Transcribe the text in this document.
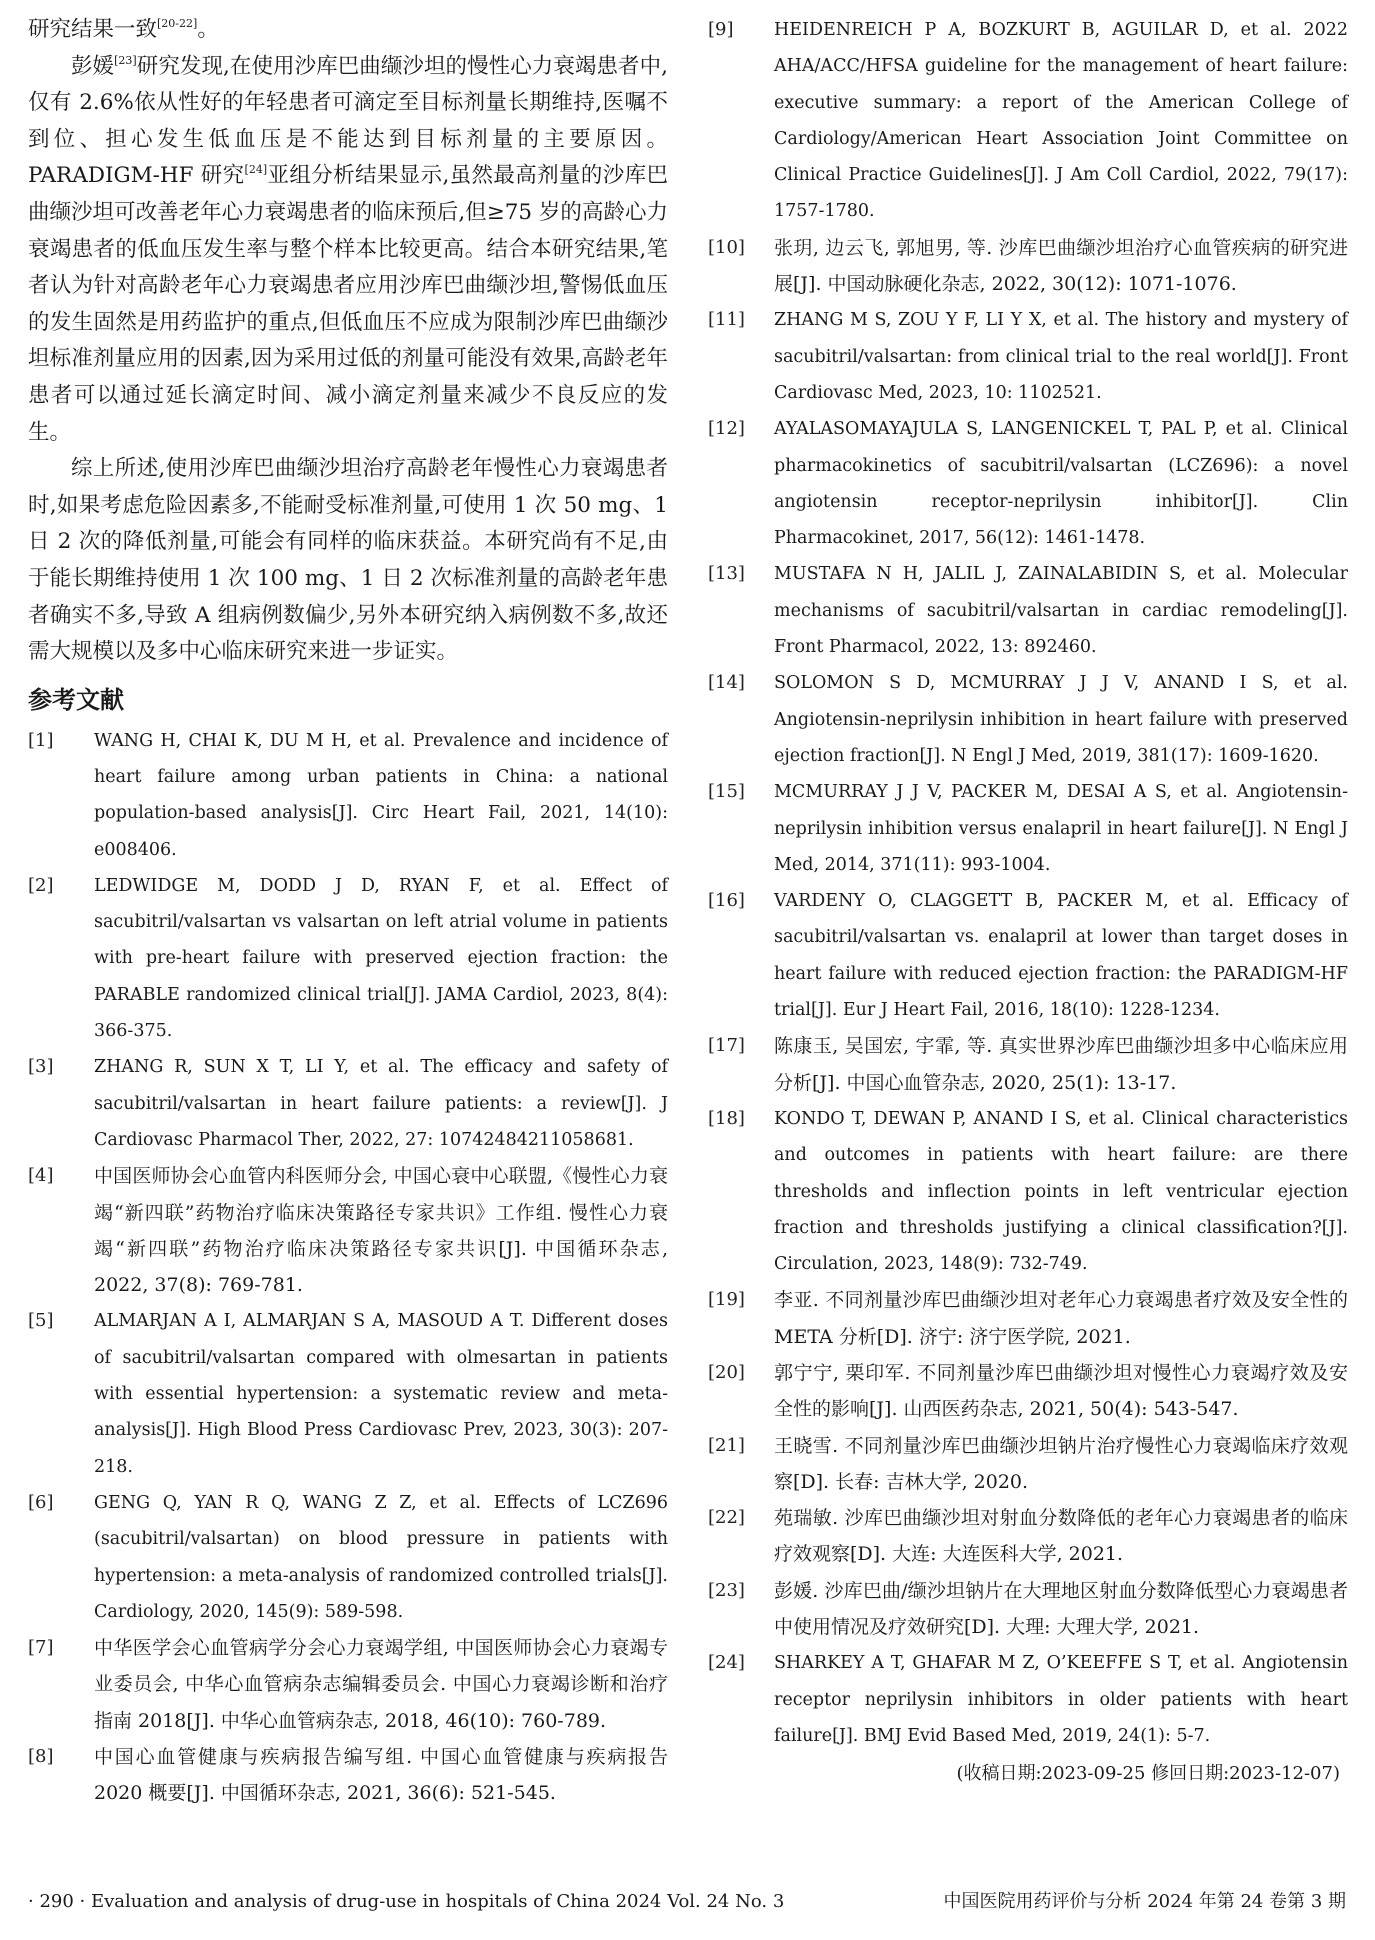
研究结果一致[20-22]。

彭媛[23]研究发现,在使用沙库巴曲缬沙坦的慢性心力衰竭患者中,仅有 2.6%依从性好的年轻患者可滴定至目标剂量长期维持,医嘱不到位、担心发生低血压是不能达到目标剂量的主要原因。PARADIGM-HF 研究[24]亚组分析结果显示,虽然最高剂量的沙库巴曲缬沙坦可改善老年心力衰竭患者的临床预后,但≥75 岁的高龄心力衰竭患者的低血压发生率与整个样本比较更高。结合本研究结果,笔者认为针对高龄老年心力衰竭患者应用沙库巴曲缬沙坦,警惕低血压的发生固然是用药监护的重点,但低血压不应成为限制沙库巴曲缬沙坦标准剂量应用的因素,因为采用过低的剂量可能没有效果,高龄老年患者可以通过延长滴定时间、减小滴定剂量来减少不良反应的发生。

综上所述,使用沙库巴曲缬沙坦治疗高龄老年慢性心力衰竭患者时,如果考虑危险因素多,不能耐受标准剂量,可使用 1 次 50 mg、1 日 2 次的降低剂量,可能会有同样的临床获益。本研究尚有不足,由于能长期维持使用 1 次 100 mg、1 日 2 次标准剂量的高龄老年患者确实不多,导致 A 组病例数偏少,另外本研究纳入病例数不多,故还需大规模以及多中心临床研究来进一步证实。

参考文献
[1]	WANG H, CHAI K, DU M H, et al. Prevalence and incidence of heart failure among urban patients in China: a national population-based analysis[J]. Circ Heart Fail, 2021, 14(10): e008406.
[2]	LEDWIDGE M, DODD J D, RYAN F, et al. Effect of sacubitril/valsartan vs valsartan on left atrial volume in patients with pre-heart failure with preserved ejection fraction: the PARABLE randomized clinical trial[J]. JAMA Cardiol, 2023, 8(4): 366-375.
[3]	ZHANG R, SUN X T, LI Y, et al. The efficacy and safety of sacubitril/valsartan in heart failure patients: a review[J]. J Cardiovasc Pharmacol Ther, 2022, 27: 10742484211058681.
[4]	中国医师协会心血管内科医师分会, 中国心衰中心联盟,《慢性心力衰竭“新四联”药物治疗临床决策路径专家共识》工作组. 慢性心力衰竭“新四联”药物治疗临床决策路径专家共识[J]. 中国循环杂志, 2022, 37(8): 769-781.
[5]	ALMARJAN A I, ALMARJAN S A, MASOUD A T. Different doses of sacubitril/valsartan compared with olmesartan in patients with essential hypertension: a systematic review and meta-analysis[J]. High Blood Press Cardiovasc Prev, 2023, 30(3): 207-218.
[6]	GENG Q, YAN R Q, WANG Z Z, et al. Effects of LCZ696 (sacubitril/valsartan) on blood pressure in patients with hypertension: a meta-analysis of randomized controlled trials[J]. Cardiology, 2020, 145(9): 589-598.
[7]	中华医学会心血管病学分会心力衰竭学组, 中国医师协会心力衰竭专业委员会, 中华心血管病杂志编辑委员会. 中国心力衰竭诊断和治疗指南 2018[J]. 中华心血管病杂志, 2018, 46(10): 760-789.
[8]	中国心血管健康与疾病报告编写组. 中国心血管健康与疾病报告 2020 概要[J]. 中国循环杂志, 2021, 36(6): 521-545.
[9]	HEIDENREICH P A, BOZKURT B, AGUILAR D, et al. 2022 AHA/ACC/HFSA guideline for the management of heart failure: executive summary: a report of the American College of Cardiology/American Heart Association Joint Committee on Clinical Practice Guidelines[J]. J Am Coll Cardiol, 2022, 79(17): 1757-1780.
[10]	张玥, 边云飞, 郭旭男, 等. 沙库巴曲缬沙坦治疗心血管疾病的研究进展[J]. 中国动脉硬化杂志, 2022, 30(12): 1071-1076.
[11]	ZHANG M S, ZOU Y F, LI Y X, et al. The history and mystery of sacubitril/valsartan: from clinical trial to the real world[J]. Front Cardiovasc Med, 2023, 10: 1102521.
[12]	AYALASOMAYAJULA S, LANGENICKEL T, PAL P, et al. Clinical pharmacokinetics of sacubitril/valsartan (LCZ696): a novel angiotensin receptor-neprilysin inhibitor[J]. Clin Pharmacokinet, 2017, 56(12): 1461-1478.
[13]	MUSTAFA N H, JALIL J, ZAINALABIDIN S, et al. Molecular mechanisms of sacubitril/valsartan in cardiac remodeling[J]. Front Pharmacol, 2022, 13: 892460.
[14]	SOLOMON S D, MCMURRAY J J V, ANAND I S, et al. Angiotensin-neprilysin inhibition in heart failure with preserved ejection fraction[J]. N Engl J Med, 2019, 381(17): 1609-1620.
[15]	MCMURRAY J J V, PACKER M, DESAI A S, et al. Angiotensin-neprilysin inhibition versus enalapril in heart failure[J]. N Engl J Med, 2014, 371(11): 993-1004.
[16]	VARDENY O, CLAGGETT B, PACKER M, et al. Efficacy of sacubitril/valsartan vs. enalapril at lower than target doses in heart failure with reduced ejection fraction: the PARADIGM-HF trial[J]. Eur J Heart Fail, 2016, 18(10): 1228-1234.
[17]	陈康玉, 吴国宏, 宇霏, 等. 真实世界沙库巴曲缬沙坦多中心临床应用分析[J]. 中国心血管杂志, 2020, 25(1): 13-17.
[18]	KONDO T, DEWAN P, ANAND I S, et al. Clinical characteristics and outcomes in patients with heart failure: are there thresholds and inflection points in left ventricular ejection fraction and thresholds justifying a clinical classification?[J]. Circulation, 2023, 148(9): 732-749.
[19]	李亚. 不同剂量沙库巴曲缬沙坦对老年心力衰竭患者疗效及安全性的 META 分析[D]. 济宁: 济宁医学院, 2021.
[20]	郭宁宁, 栗印军. 不同剂量沙库巴曲缬沙坦对慢性心力衰竭疗效及安全性的影响[J]. 山西医药杂志, 2021, 50(4): 543-547.
[21]	王晓雪. 不同剂量沙库巴曲缬沙坦钠片治疗慢性心力衰竭临床疗效观察[D]. 长春: 吉林大学, 2020.
[22]	苑瑞敏. 沙库巴曲缬沙坦对射血分数降低的老年心力衰竭患者的临床疗效观察[D]. 大连: 大连医科大学, 2021.
[23]	彭媛. 沙库巴曲/缬沙坦钠片在大理地区射血分数降低型心力衰竭患者中使用情况及疗效研究[D]. 大理: 大理大学, 2021.
[24]	SHARKEY A T, GHAFAR M Z, O’KEEFFE S T, et al. Angiotensin receptor neprilysin inhibitors in older patients with heart failure[J]. BMJ Evid Based Med, 2019, 24(1): 5-7.
(收稿日期:2023-09-25 修回日期:2023-12-07)
· 290 · Evaluation and analysis of drug-use in hospitals of China 2024 Vol. 24 No. 3	中国医院用药评价与分析 2024 年第 24 卷第 3 期
